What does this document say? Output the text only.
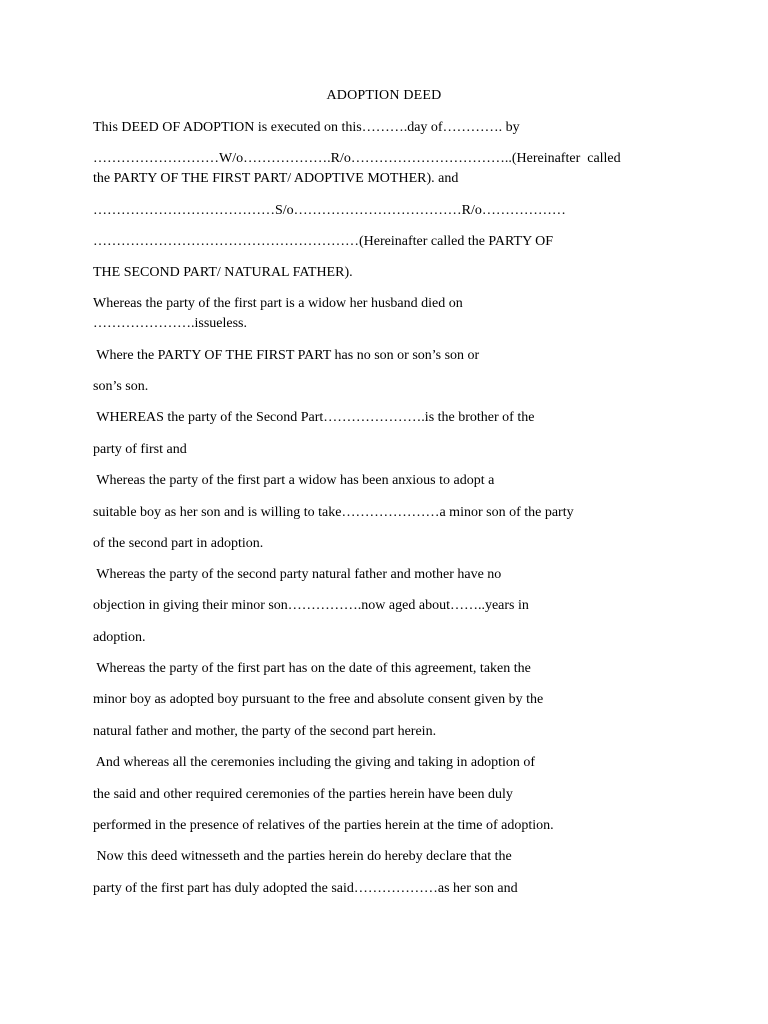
ADOPTION DEED
This DEED OF ADOPTION is executed on this……….day of…………. by
………………………W/o……………….R/o……………………………..(Hereinafter  called
the PARTY OF THE FIRST PART/ ADOPTIVE MOTHER). and
…………………………………S/o………………………………R/o………………
…………………………………………………(Hereinafter called the PARTY OF
THE SECOND PART/ NATURAL FATHER).
Whereas the party of the first part is a widow her husband died on
………………….issueless.
Where the PARTY OF THE FIRST PART has no son or son’s son or
son’s son.
WHEREAS the party of the Second Part………………….is the brother of the
party of first and
Whereas the party of the first part a widow has been anxious to adopt a
suitable boy as her son and is willing to take…………………a minor son of the party
of the second part in adoption.
Whereas the party of the second party natural father and mother have no
objection in giving their minor son…………….now aged about……..years in
adoption.
Whereas the party of the first part has on the date of this agreement, taken the
minor boy as adopted boy pursuant to the free and absolute consent given by the
natural father and mother, the party of the second part herein.
And whereas all the ceremonies including the giving and taking in adoption of
the said and other required ceremonies of the parties herein have been duly
performed in the presence of relatives of the parties herein at the time of adoption.
Now this deed witnesseth and the parties herein do hereby declare that the
party of the first part has duly adopted the said………………as her son and
